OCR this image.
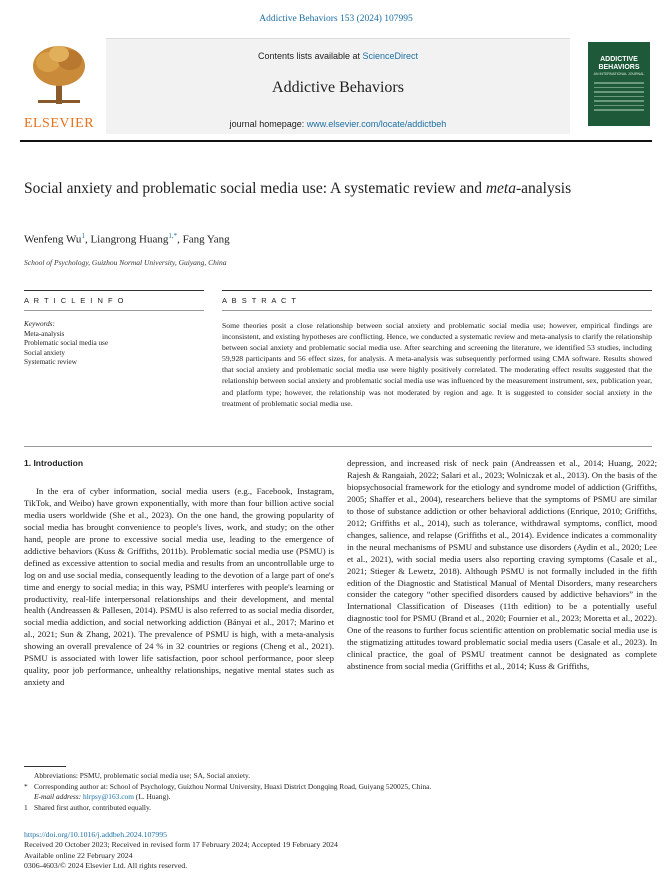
Addictive Behaviors 153 (2024) 107995
ELSEVIER
Contents lists available at ScienceDirect
Addictive Behaviors
journal homepage: www.elsevier.com/locate/addictbeh
ADDICTIVE BEHAVIORS
AN INTERNATIONAL JOURNAL
Social anxiety and problematic social media use: A systematic review and meta-analysis
Wenfeng Wu$^1$, Liangrong Huang$^{1,*}$, Fang Yang
School of Psychology, Guizhou Normal University, Guiyang, China
A R T I C L E I N F O	A B S T R A C T
Keywords:
Meta-analysis
Problematic social media use
Social anxiety
Systematic review
Some theories posit a close relationship between social anxiety and problematic social media use; however, empirical findings are inconsistent, and existing hypotheses are conflicting. Hence, we conducted a systematic review and meta-analysis to clarify the relationship between social anxiety and problematic social media use. After searching and screening the literature, we identified 53 studies, including 59,928 participants and 56 effect sizes, for analysis. A meta-analysis was subsequently performed using CMA software. Results showed that social anxiety and problematic social media use were highly positively correlated. The moderating effect results suggested that the relationship between social anxiety and problematic social media use was influenced by the measurement instrument, sex, publication year, and platform type; however, the relationship was not moderated by region and age. It is suggested to consider social anxiety in the treatment of problematic social media use.
1. Introduction

In the era of cyber information, social media users (e.g., Facebook, Instagram, TikTok, and Weibo) have grown exponentially, with more than four billion active social media users worldwide (She et al., 2023). On the one hand, the growing popularity of social media has brought convenience to people's lives, work, and study; on the other hand, people are prone to excessive social media use, leading to the emergence of addictive behaviors (Kuss & Griffiths, 2011b). Problematic social media use (PSMU) is defined as excessive attention to social media and results from an uncontrollable urge to log on and use social media, consequently leading to the devotion of a large part of one's time and energy to social media; in this way, PSMU interferes with people's learning or productivity, real-life interpersonal relationships and their development, and mental health (Andreassen & Pallesen, 2014). PSMU is also referred to as social media disorder, social media addiction, and social networking addiction (Bányai et al., 2017; Marino et al., 2021; Sun & Zhang, 2021). The prevalence of PSMU is high, with a meta-analysis showing an overall prevalence of 24 % in 32 countries or regions (Cheng et al., 2021). PSMU is associated with lower life satisfaction, poor school performance, poor sleep quality, poor job performance, unhealthy relationships, negative mental states such as anxiety and

depression, and increased risk of neck pain (Andreassen et al., 2014; Huang, 2022; Rajesh & Rangaiah, 2022; Salari et al., 2023; Wolniczak et al., 2013). On the basis of the biopsychosocial framework for the etiology and syndrome model of addiction (Griffiths, 2005; Shaffer et al., 2004), researchers believe that the symptoms of PSMU are similar to those of substance addiction or other behavioral addictions (Enrique, 2010; Griffiths, 2012; Griffiths et al., 2014), such as tolerance, withdrawal symptoms, conflict, mood changes, salience, and relapse (Griffiths et al., 2014). Evidence indicates a commonality in the neural mechanisms of PSMU and substance use disorders (Aydin et al., 2020; Lee et al., 2021), with social media users also reporting craving symptoms (Casale et al., 2021; Stieger & Lewetz, 2018). Although PSMU is not formally included in the fifth edition of the Diagnostic and Statistical Manual of Mental Disorders, many researchers consider the category “other specified disorders caused by addictive behaviors” in the International Classification of Diseases (11th edition) to be a potentially useful diagnostic tool for PSMU (Brand et al., 2020; Fournier et al., 2023; Moretta et al., 2022). One of the reasons to further focus scientific attention on problematic social media use is the stigmatizing attitudes toward problematic social media users (Casale et al., 2023). In clinical practice, the goal of PSMU treatment cannot be designated as complete abstinence from social media (Griffiths et al., 2014; Kuss & Griffiths,
Abbreviations: PSMU, problematic social media use; SA, Social anxiety.
* Corresponding author at: School of Psychology, Guizhou Normal University, Huaxi District Dongqing Road, Guiyang 520025, China.
E-mail address: hlrpsy@163.com (L. Huang).
1 Shared first author, contributed equally.
https://doi.org/10.1016/j.addbeh.2024.107995
Received 20 October 2023; Received in revised form 17 February 2024; Accepted 19 February 2024
Available online 22 February 2024
0306-4603/© 2024 Elsevier Ltd. All rights reserved.
